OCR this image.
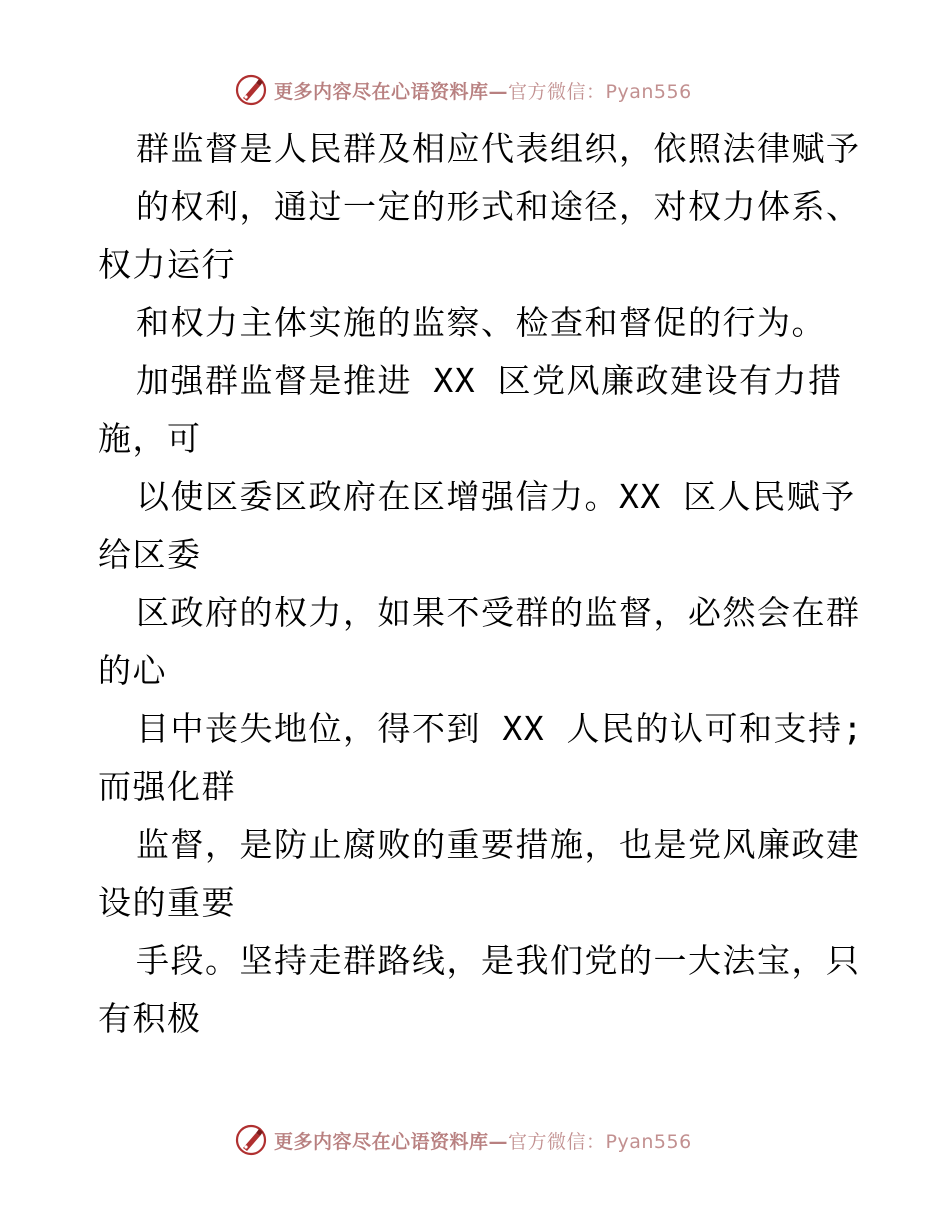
更多内容尽在心语资料库—官方微信：Pyan556
群监督是人民群及相应代表组织，依照法律赋予
的权利，通过一定的形式和途径，对权力体系、
权力运行
和权力主体实施的监察、检查和督促的行为。
加强群监督是推进 XX 区党风廉政建设有力措
施，可
以使区委区政府在区增强信力。XX 区人民赋予
给区委
区政府的权力，如果不受群的监督，必然会在群
的心
目中丧失地位，得不到 XX 人民的认可和支持;
而强化群
监督，是防止腐败的重要措施，也是党风廉政建
设的重要
手段。坚持走群路线，是我们党的一大法宝，只
有积极
更多内容尽在心语资料库—官方微信：Pyan556
